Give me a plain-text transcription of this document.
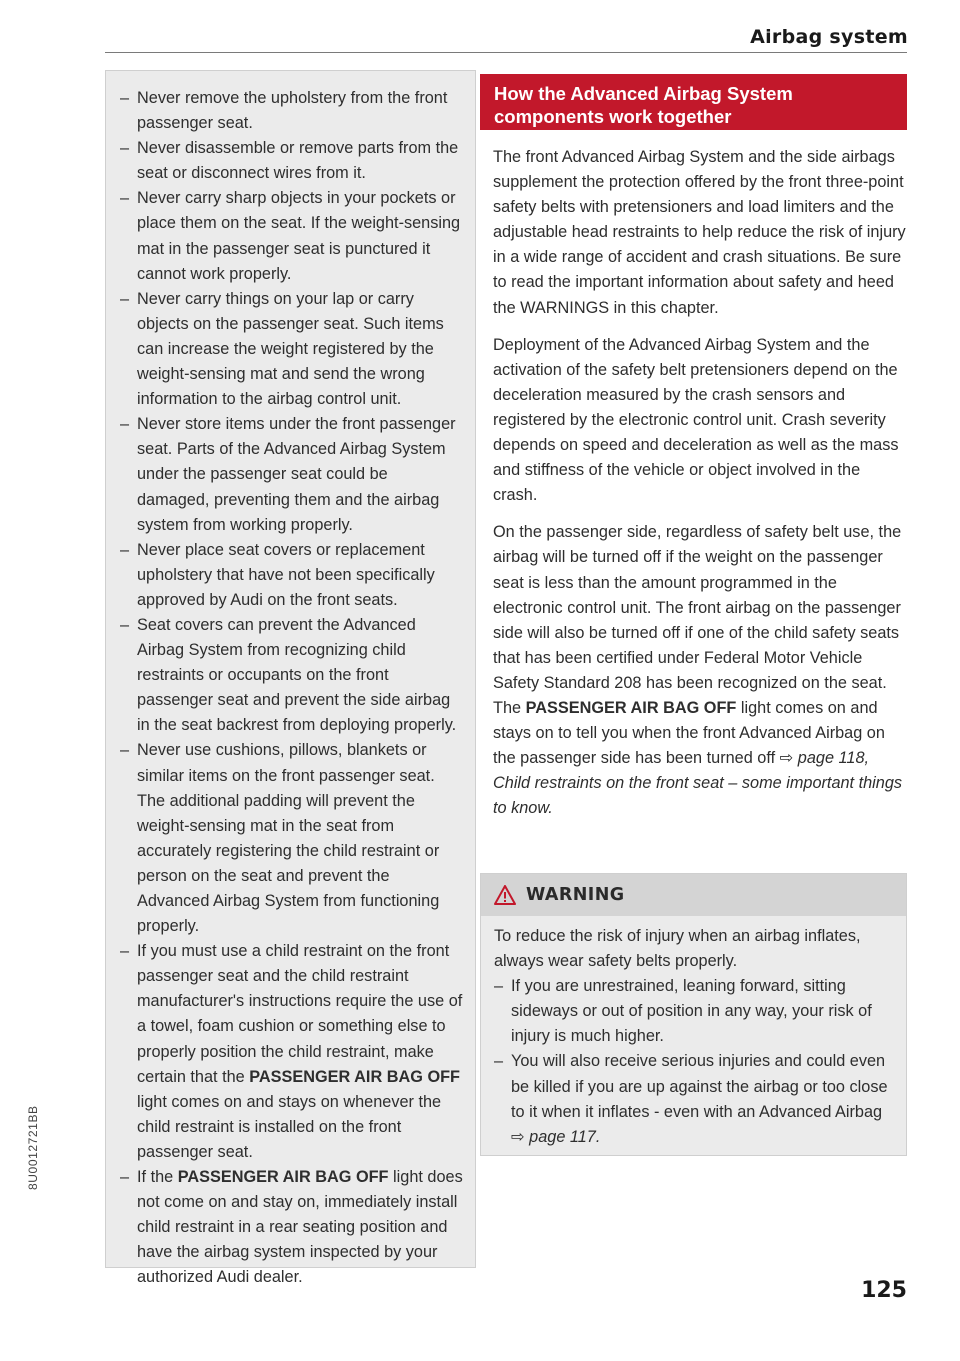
Airbag system
8U0012721BB
– Never remove the upholstery from the front passenger seat.
– Never disassemble or remove parts from the seat or disconnect wires from it.
– Never carry sharp objects in your pockets or place them on the seat. If the weight-sensing mat in the passenger seat is punctured it cannot work properly.
– Never carry things on your lap or carry objects on the passenger seat. Such items can increase the weight registered by the weight-sensing mat and send the wrong information to the airbag control unit.
– Never store items under the front passenger seat. Parts of the Advanced Airbag System under the passenger seat could be damaged, preventing them and the airbag system from working properly.
– Never place seat covers or replacement upholstery that have not been specifically approved by Audi on the front seats.
– Seat covers can prevent the Advanced Airbag System from recognizing child restraints or occupants on the front passenger seat and prevent the side airbag in the seat backrest from deploying properly.
– Never use cushions, pillows, blankets or similar items on the front passenger seat. The additional padding will prevent the weight-sensing mat in the seat from accurately registering the child restraint or person on the seat and prevent the Advanced Airbag System from functioning properly.
– If you must use a child restraint on the front passenger seat and the child restraint manufacturer's instructions require the use of a towel, foam cushion or something else to properly position the child restraint, make certain that the PASSENGER AIR BAG OFF light comes on and stays on whenever the child restraint is installed on the front passenger seat.
– If the PASSENGER AIR BAG OFF light does not come on and stay on, immediately install child restraint in a rear seating position and have the airbag system inspected by your authorized Audi dealer.
How the Advanced Airbag System components work together

The front Advanced Airbag System and the side airbags supplement the protection offered by the front three-point safety belts with pretensioners and load limiters and the adjustable head restraints to help reduce the risk of injury in a wide range of accident and crash situations. Be sure to read the important information about safety and heed the WARNINGS in this chapter.

Deployment of the Advanced Airbag System and the activation of the safety belt pretensioners depend on the deceleration measured by the crash sensors and registered by the electronic control unit. Crash severity depends on speed and deceleration as well as the mass and stiffness of the vehicle or object involved in the crash.

On the passenger side, regardless of safety belt use, the airbag will be turned off if the weight on the passenger seat is less than the amount programmed in the electronic control unit. The front airbag on the passenger side will also be turned off if one of the child safety seats that has been certified under Federal Motor Vehicle Safety Standard 208 has been recognized on the seat. The PASSENGER AIR BAG OFF light comes on and stays on to tell you when the front Advanced Airbag on the passenger side has been turned off ⇨ page 118, Child restraints on the front seat – some important things to know.

WARNING

To reduce the risk of injury when an airbag inflates, always wear safety belts properly.

– If you are unrestrained, leaning forward, sitting sideways or out of position in any way, your risk of injury is much higher.
– You will also receive serious injuries and could even be killed if you are up against the airbag or too close to it when it inflates - even with an Advanced Airbag ⇨ page 117.
125
